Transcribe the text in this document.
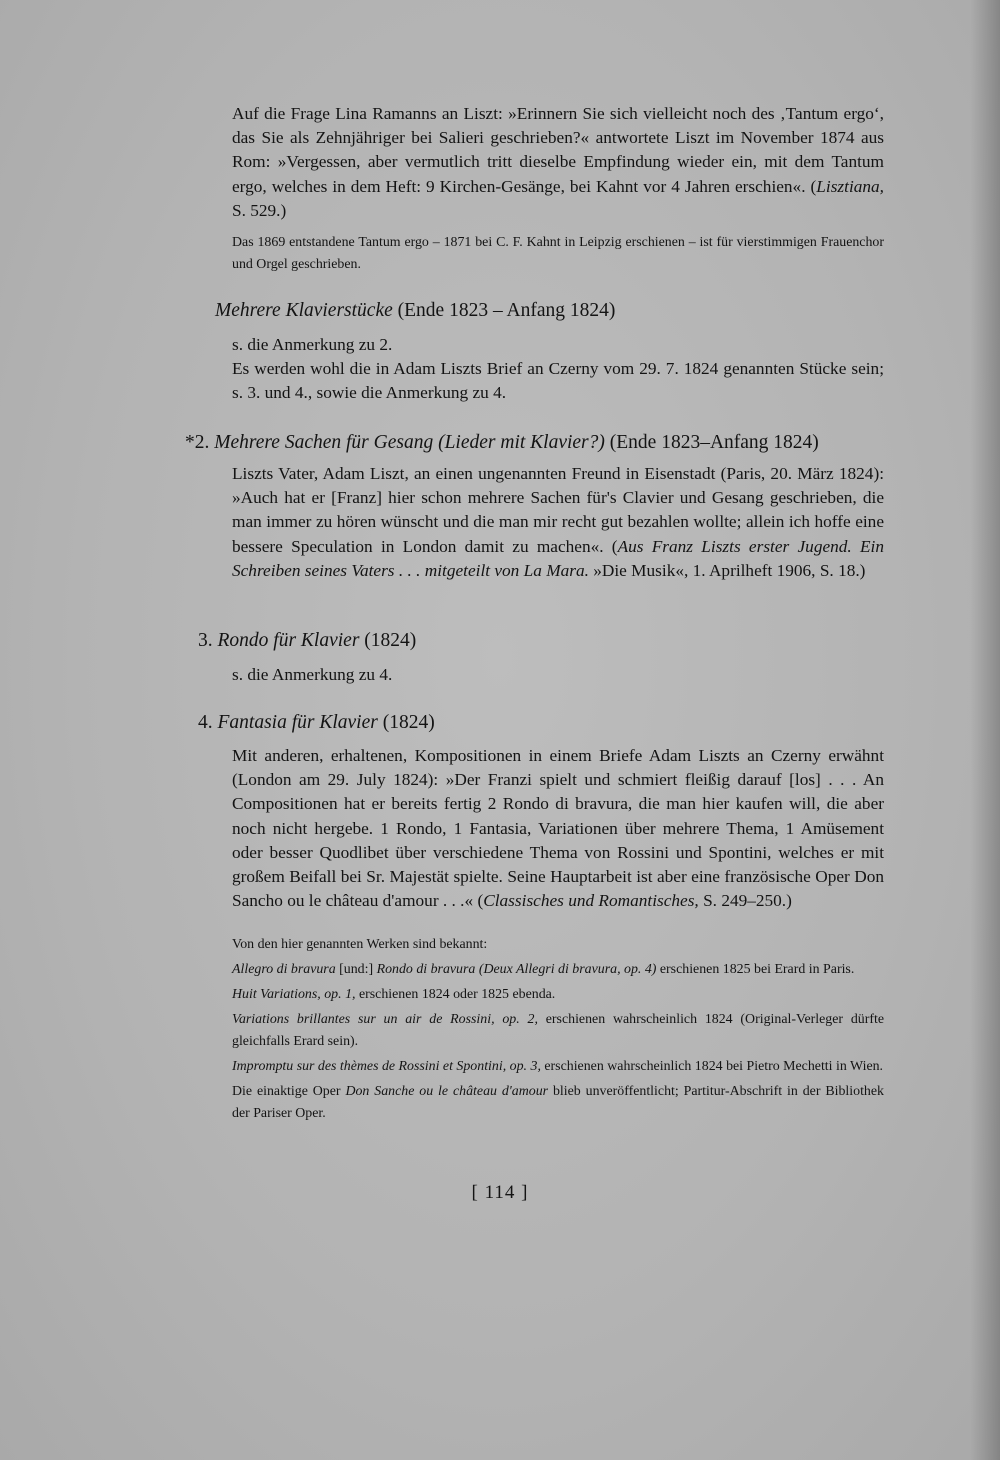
Auf die Frage Lina Ramanns an Liszt: »Erinnern Sie sich vielleicht noch des ‚Tantum ergo‘, das Sie als Zehnjähriger bei Salieri geschrieben?« antwortete Liszt im November 1874 aus Rom: »Vergessen, aber vermutlich tritt dieselbe Empfindung wieder ein, mit dem Tantum ergo, welches in dem Heft: 9 Kirchen-Gesänge, bei Kahnt vor 4 Jahren erschien«. (Lisztiana, S. 529.)

Das 1869 entstandene Tantum ergo – 1871 bei C. F. Kahnt in Leipzig erschienen – ist für vierstimmigen Frauenchor und Orgel geschrieben.

Mehrere Klavierstücke (Ende 1823 – Anfang 1824)

s. die Anmerkung zu 2.

Es werden wohl die in Adam Liszts Brief an Czerny vom 29. 7. 1824 genannten Stücke sein; s. 3. und 4., sowie die Anmerkung zu 4.

*2. Mehrere Sachen für Gesang (Lieder mit Klavier?) (Ende 1823–Anfang 1824)

Liszts Vater, Adam Liszt, an einen ungenannten Freund in Eisenstadt (Paris, 20. März 1824): »Auch hat er [Franz] hier schon mehrere Sachen für's Clavier und Gesang geschrieben, die man immer zu hören wünscht und die man mir recht gut bezahlen wollte; allein ich hoffe eine bessere Speculation in London damit zu machen«. (Aus Franz Liszts erster Jugend. Ein Schreiben seines Vaters . . . mitgeteilt von La Mara. »Die Musik«, 1. Aprilheft 1906, S. 18.)

3. Rondo für Klavier (1824)

s. die Anmerkung zu 4.

4. Fantasia für Klavier (1824)

Mit anderen, erhaltenen, Kompositionen in einem Briefe Adam Liszts an Czerny erwähnt (London am 29. July 1824): »Der Franzi spielt und schmiert fleißig darauf [los] . . . An Compositionen hat er bereits fertig 2 Rondo di bravura, die man hier kaufen will, die aber noch nicht hergebe. 1 Rondo, 1 Fantasia, Variationen über mehrere Thema, 1 Amüsement oder besser Quodlibet über verschiedene Thema von Rossini und Spontini, welches er mit großem Beifall bei Sr. Majestät spielte. Seine Hauptarbeit ist aber eine französische Oper Don Sancho ou le château d'amour . . .« (Classisches und Romantisches, S. 249–250.)

Von den hier genannten Werken sind bekannt:

Allegro di bravura [und:] Rondo di bravura (Deux Allegri di bravura, op. 4) erschienen 1825 bei Erard in Paris.

Huit Variations, op. 1, erschienen 1824 oder 1825 ebenda.

Variations brillantes sur un air de Rossini, op. 2, erschienen wahrscheinlich 1824 (Original-Verleger dürfte gleichfalls Erard sein).

Impromptu sur des thèmes de Rossini et Spontini, op. 3, erschienen wahrscheinlich 1824 bei Pietro Mechetti in Wien.

Die einaktige Oper Don Sanche ou le château d'amour blieb unveröffentlicht; Partitur-Abschrift in der Bibliothek der Pariser Oper.

[ 114 ]
